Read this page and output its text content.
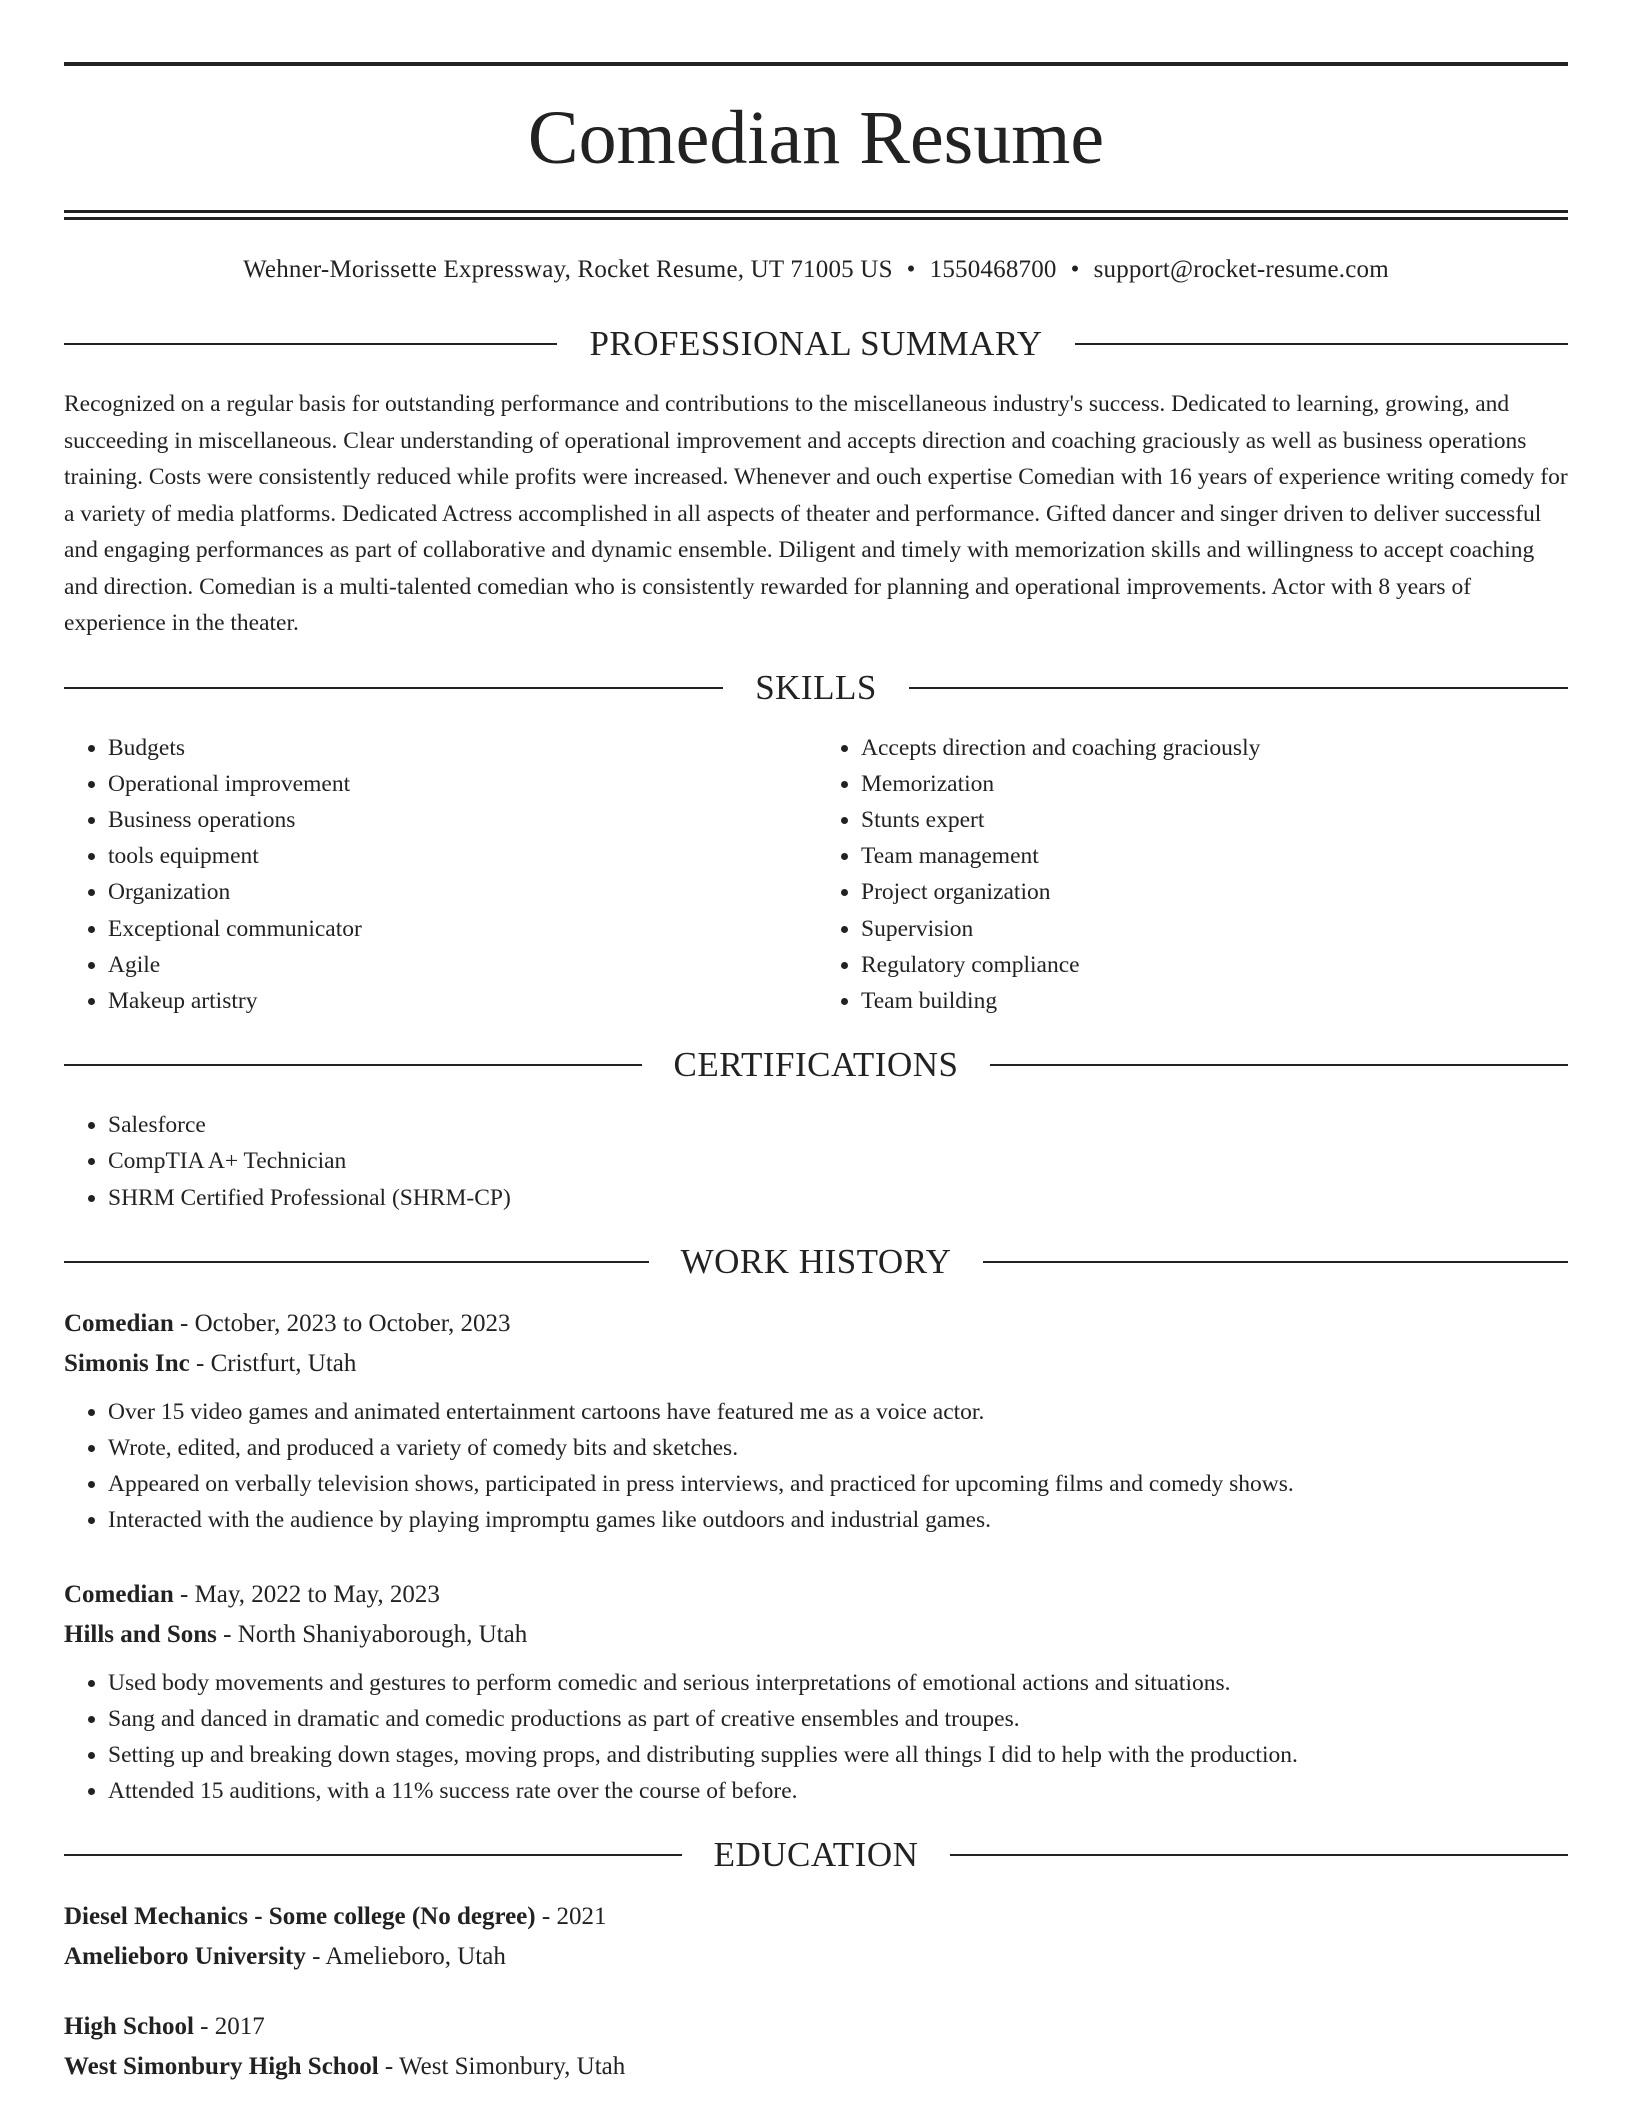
Comedian Resume
Wehner-Morissette Expressway, Rocket Resume, UT 71005 US • 1550468700 • support@rocket-resume.com
PROFESSIONAL SUMMARY

Recognized on a regular basis for outstanding performance and contributions to the miscellaneous industry's success. Dedicated to learning, growing, and succeeding in miscellaneous. Clear understanding of operational improvement and accepts direction and coaching graciously as well as business operations training. Costs were consistently reduced while profits were increased. Whenever and ouch expertise Comedian with 16 years of experience writing comedy for a variety of media platforms. Dedicated Actress accomplished in all aspects of theater and performance. Gifted dancer and singer driven to deliver successful and engaging performances as part of collaborative and dynamic ensemble. Diligent and timely with memorization skills and willingness to accept coaching and direction. Comedian is a multi-talented comedian who is consistently rewarded for planning and operational improvements. Actor with 8 years of experience in the theater.

SKILLS
• Budgets
• Operational improvement
• Business operations
• tools equipment
• Organization
• Exceptional communicator
• Agile
• Makeup artistry
• Accepts direction and coaching graciously
• Memorization
• Stunts expert
• Team management
• Project organization
• Supervision
• Regulatory compliance
• Team building
CERTIFICATIONS
• Salesforce
• CompTIA A+ Technician
• SHRM Certified Professional (SHRM-CP)
WORK HISTORY
Comedian - October, 2023 to October, 2023
Simonis Inc - Cristfurt, Utah
• Over 15 video games and animated entertainment cartoons have featured me as a voice actor.
• Wrote, edited, and produced a variety of comedy bits and sketches.
• Appeared on verbally television shows, participated in press interviews, and practiced for upcoming films and comedy shows.
• Interacted with the audience by playing impromptu games like outdoors and industrial games.
Comedian - May, 2022 to May, 2023
Hills and Sons - North Shaniyaborough, Utah
• Used body movements and gestures to perform comedic and serious interpretations of emotional actions and situations.
• Sang and danced in dramatic and comedic productions as part of creative ensembles and troupes.
• Setting up and breaking down stages, moving props, and distributing supplies were all things I did to help with the production.
• Attended 15 auditions, with a 11% success rate over the course of before.
EDUCATION
Diesel Mechanics - Some college (No degree) - 2021
Amelieboro University - Amelieboro, Utah
High School - 2017
West Simonbury High School - West Simonbury, Utah
